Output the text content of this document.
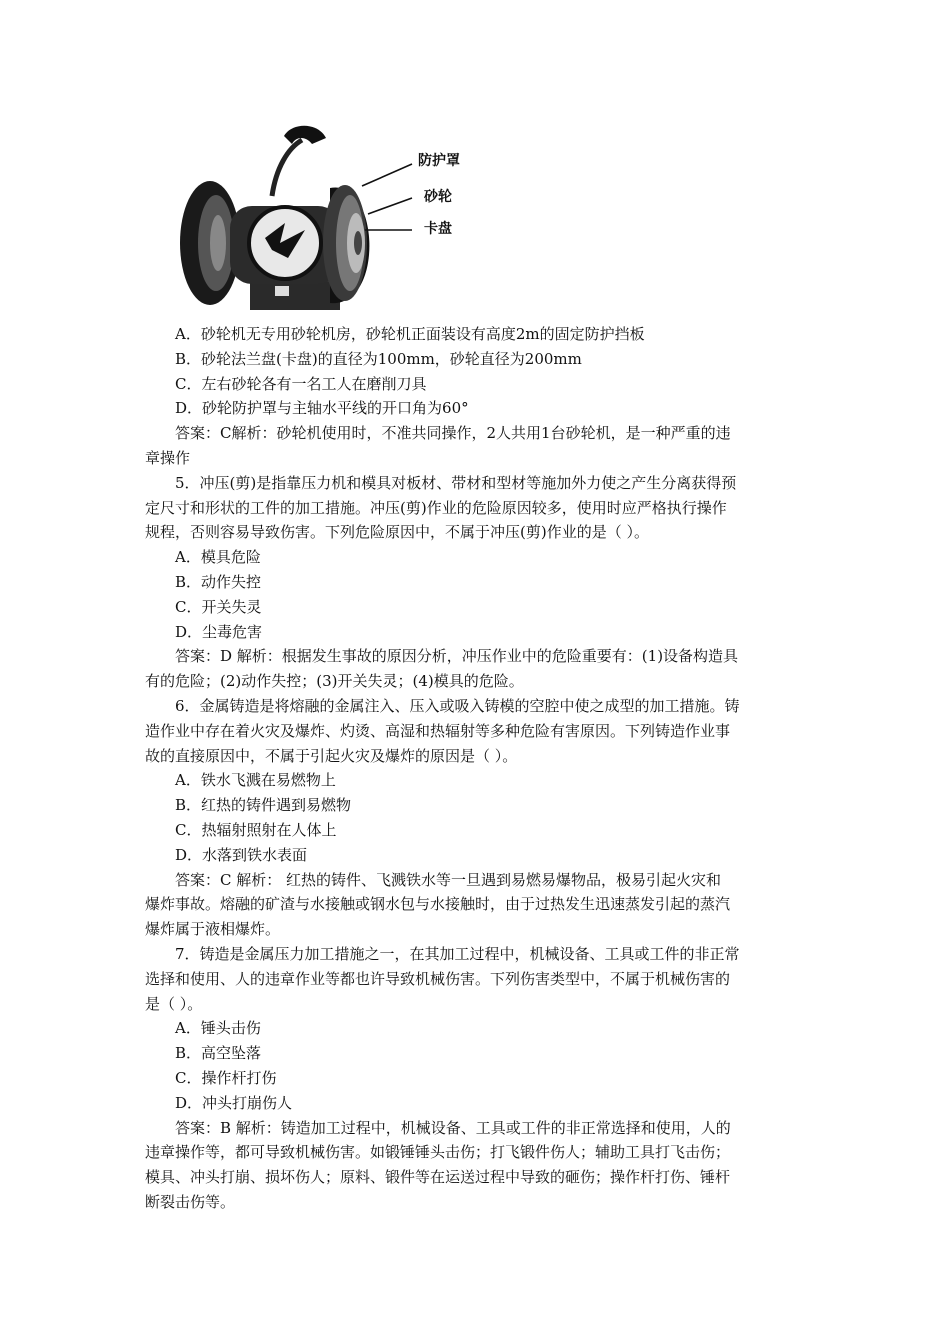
防护罩
砂轮
卡盘
A．砂轮机无专用砂轮机房，砂轮机正面装设有高度2m的固定防护挡板
B．砂轮法兰盘(卡盘)的直径为100mm，砂轮直径为200mm
C．左右砂轮各有一名工人在磨削刀具
D．砂轮防护罩与主轴水平线的开口角为60°
答案：C解析：砂轮机使用时，不准共同操作，2人共用1台砂轮机，是一种严重的违
章操作
5．冲压(剪)是指靠压力机和模具对板材、带材和型材等施加外力使之产生分离获得预
定尺寸和形状的工件的加工措施。冲压(剪)作业的危险原因较多，使用时应严格执行操作
规程，否则容易导致伤害。下列危险原因中，不属于冲压(剪)作业的是（ ）。
A．模具危险
B．动作失控
C．开关失灵
D．尘毒危害
答案：D 解析：根据发生事故的原因分析，冲压作业中的危险重要有：(1)设备构造具
有的危险；(2)动作失控；(3)开关失灵；(4)模具的危险。
6．金属铸造是将熔融的金属注入、压入或吸入铸模的空腔中使之成型的加工措施。铸
造作业中存在着火灾及爆炸、灼烫、高湿和热辐射等多种危险有害原因。下列铸造作业事
故的直接原因中，不属于引起火灾及爆炸的原因是（ ）。
A．铁水飞溅在易燃物上
B．红热的铸件遇到易燃物
C．热辐射照射在人体上
D．水落到铁水表面
答案：C 解析： 红热的铸件、飞溅铁水等一旦遇到易燃易爆物品，极易引起火灾和
爆炸事故。熔融的矿渣与水接触或钢水包与水接触时，由于过热发生迅速蒸发引起的蒸汽
爆炸属于液相爆炸。
7．铸造是金属压力加工措施之一，在其加工过程中，机械设备、工具或工件的非正常
选择和使用、人的违章作业等都也许导致机械伤害。下列伤害类型中，不属于机械伤害的
是（ ）。
A．锤头击伤
B．高空坠落
C．操作杆打伤
D．冲头打崩伤人
答案：B 解析：铸造加工过程中，机械设备、工具或工件的非正常选择和使用，人的
违章操作等，都可导致机械伤害。如锻锤锤头击伤；打飞锻件伤人；辅助工具打飞击伤；
模具、冲头打崩、损坏伤人；原料、锻件等在运送过程中导致的砸伤；操作杆打伤、锤杆
断裂击伤等。
